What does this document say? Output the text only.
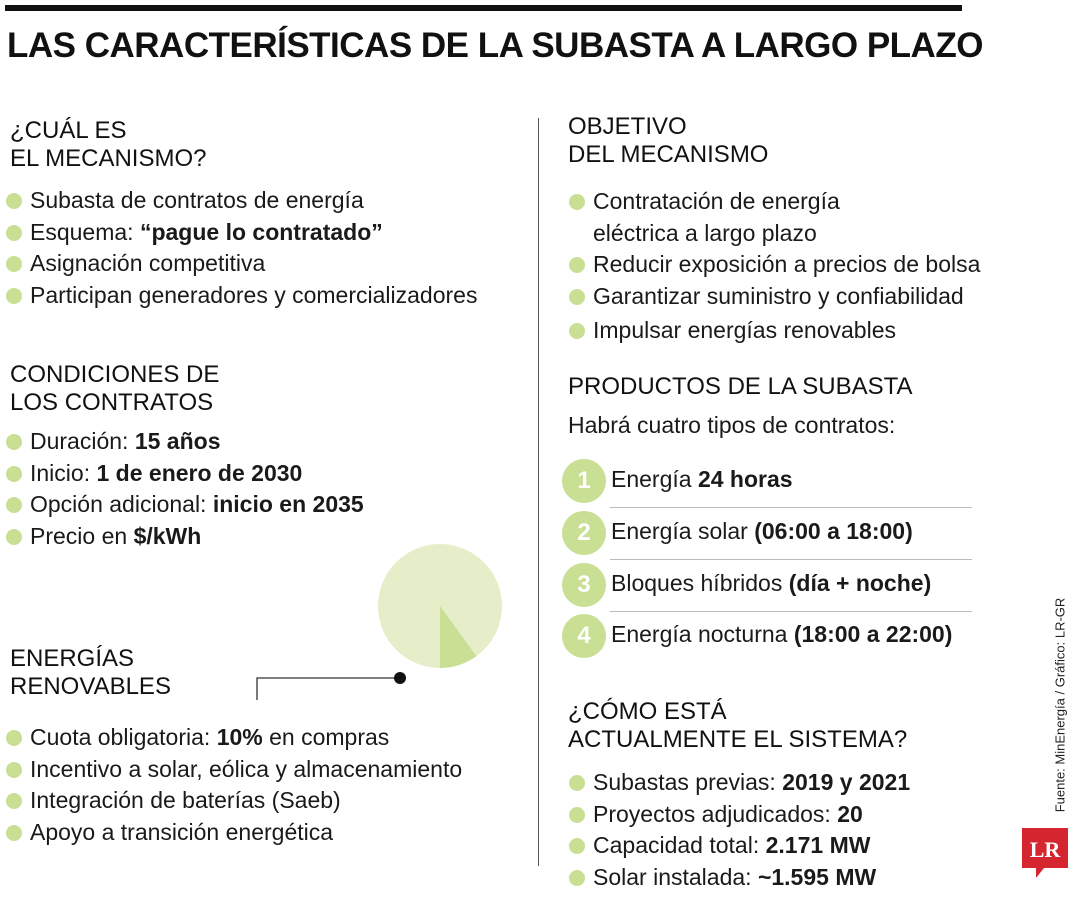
LAS CARACTERÍSTICAS DE LA SUBASTA A LARGO PLAZO
¿CUÁL ES
EL MECANISMO?
Subasta de contratos de energía
Esquema: “pague lo contratado”
Asignación competitiva
Participan generadores y comercializadores
CONDICIONES DE
LOS CONTRATOS
Duración: 15 años
Inicio: 1 de enero de 2030
Opción adicional: inicio en 2035
Precio en $/kWh
ENERGÍAS
RENOVABLES
Cuota obligatoria: 10% en compras
Incentivo a solar, eólica y almacenamiento
Integración de baterías (Saeb)
Apoyo a transición energética
OBJETIVO
DEL MECANISMO
Contratación de energía
eléctrica a largo plazo
Reducir exposición a precios de bolsa
Garantizar suministro y confiabilidad
Impulsar energías renovables
PRODUCTOS DE LA SUBASTA
Habrá cuatro tipos de contratos:
1 Energía 24 horas
2 Energía solar (06:00 a 18:00)
3 Bloques híbridos (día + noche)
4 Energía nocturna (18:00 a 22:00)
¿CÓMO ESTÁ
ACTUALMENTE EL SISTEMA?
Subastas previas: 2019 y 2021
Proyectos adjudicados: 20
Capacidad total: 2.171 MW
Solar instalada: ~1.595 MW
Fuente: MinEnergía / Gráfico: LR-GR
LR
